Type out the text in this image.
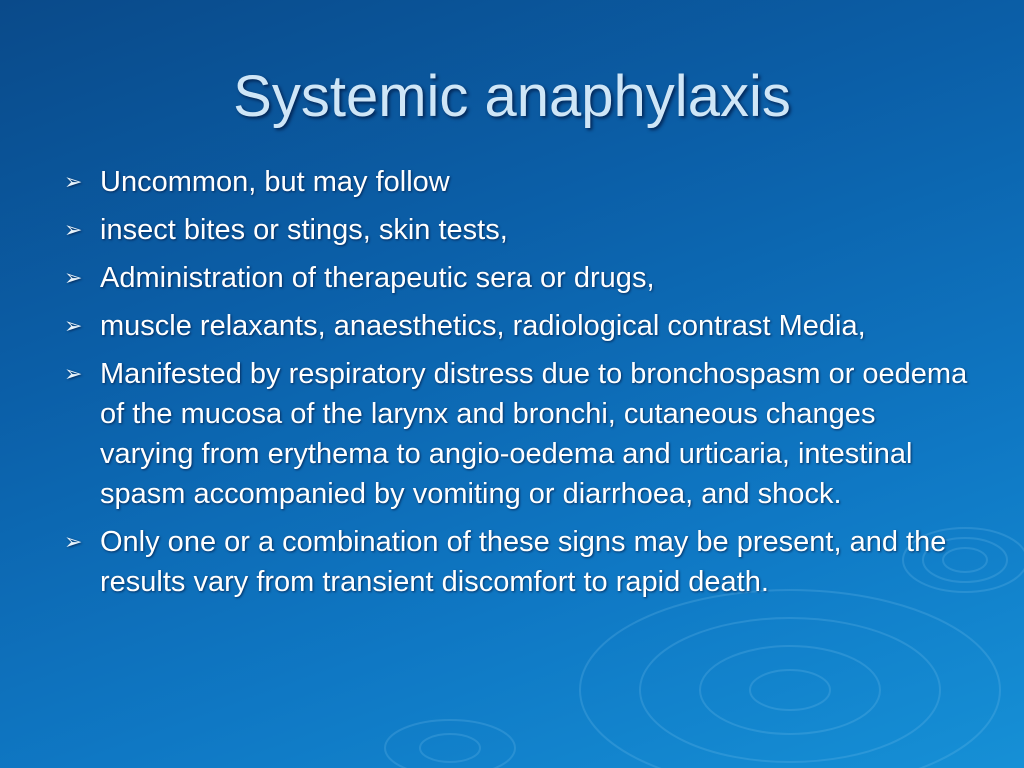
Systemic anaphylaxis
➢ Uncommon, but may follow
➢ insect bites or stings, skin tests,
➢ Administration of therapeutic sera or drugs,
➢ muscle relaxants, anaesthetics, radiological contrast Media,
➢ Manifested by respiratory distress due to bronchospasm or oedema of the mucosa of the larynx and bronchi, cutaneous changes varying from erythema to angio-oedema and urticaria, intestinal spasm accompanied by vomiting or diarrhoea, and shock.
➢ Only one or a combination of these signs may be present, and the results vary from transient discomfort to rapid death.
